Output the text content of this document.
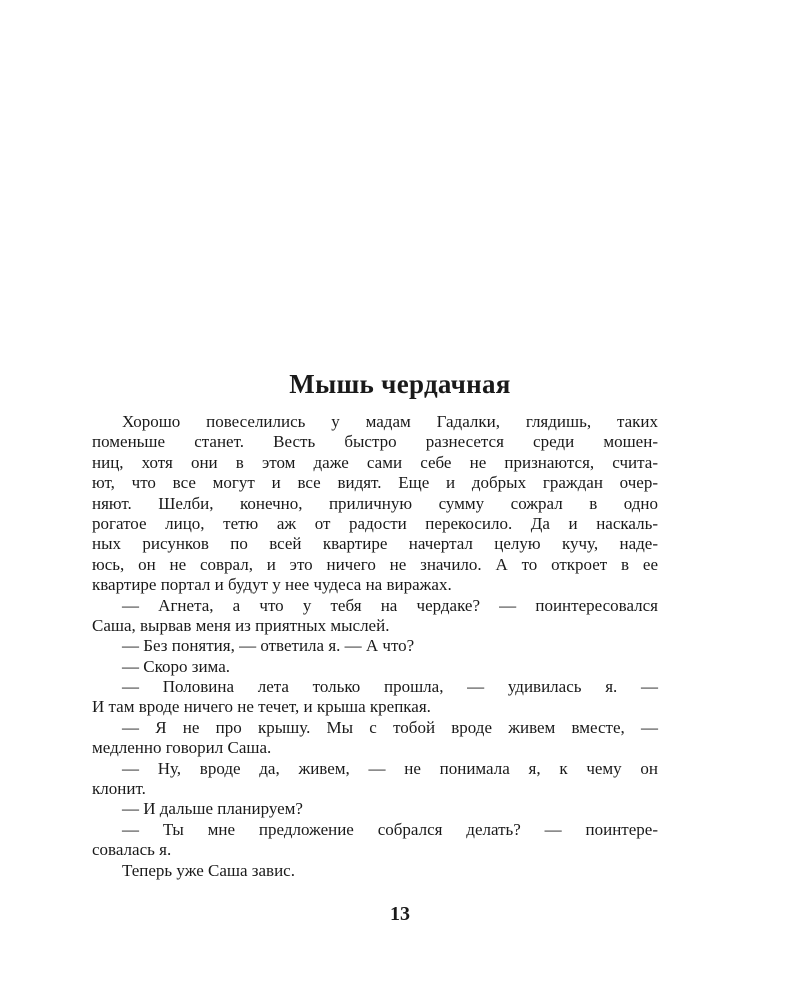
Мышь чердачная
Хорошо повеселились у мадам Гадалки, глядишь, таких
поменьше станет. Весть быстро разнесется среди мошен-
ниц, хотя они в этом даже сами себе не признаются, счита-
ют, что все могут и все видят. Еще и добрых граждан очер-
няют. Шелби, конечно, приличную сумму сожрал в одно
рогатое лицо, тетю аж от радости перекосило. Да и наскаль-
ных рисунков по всей квартире начертал целую кучу, наде-
юсь, он не соврал, и это ничего не значило. А то откроет в ее
квартире портал и будут у нее чудеса на виражах.
— Агнета, а что у тебя на чердаке? — поинтересовался
Саша, вырвав меня из приятных мыслей.
— Без понятия, — ответила я. — А что?
— Скоро зима.
— Половина лета только прошла, — удивилась я. —
И там вроде ничего не течет, и крыша крепкая.
— Я не про крышу. Мы с тобой вроде живем вместе, —
медленно говорил Саша.
— Ну, вроде да, живем, — не понимала я, к чему он
клонит.
— И дальше планируем?
— Ты мне предложение собрался делать? — поинтере-
совалась я.
Теперь уже Саша завис.
13
